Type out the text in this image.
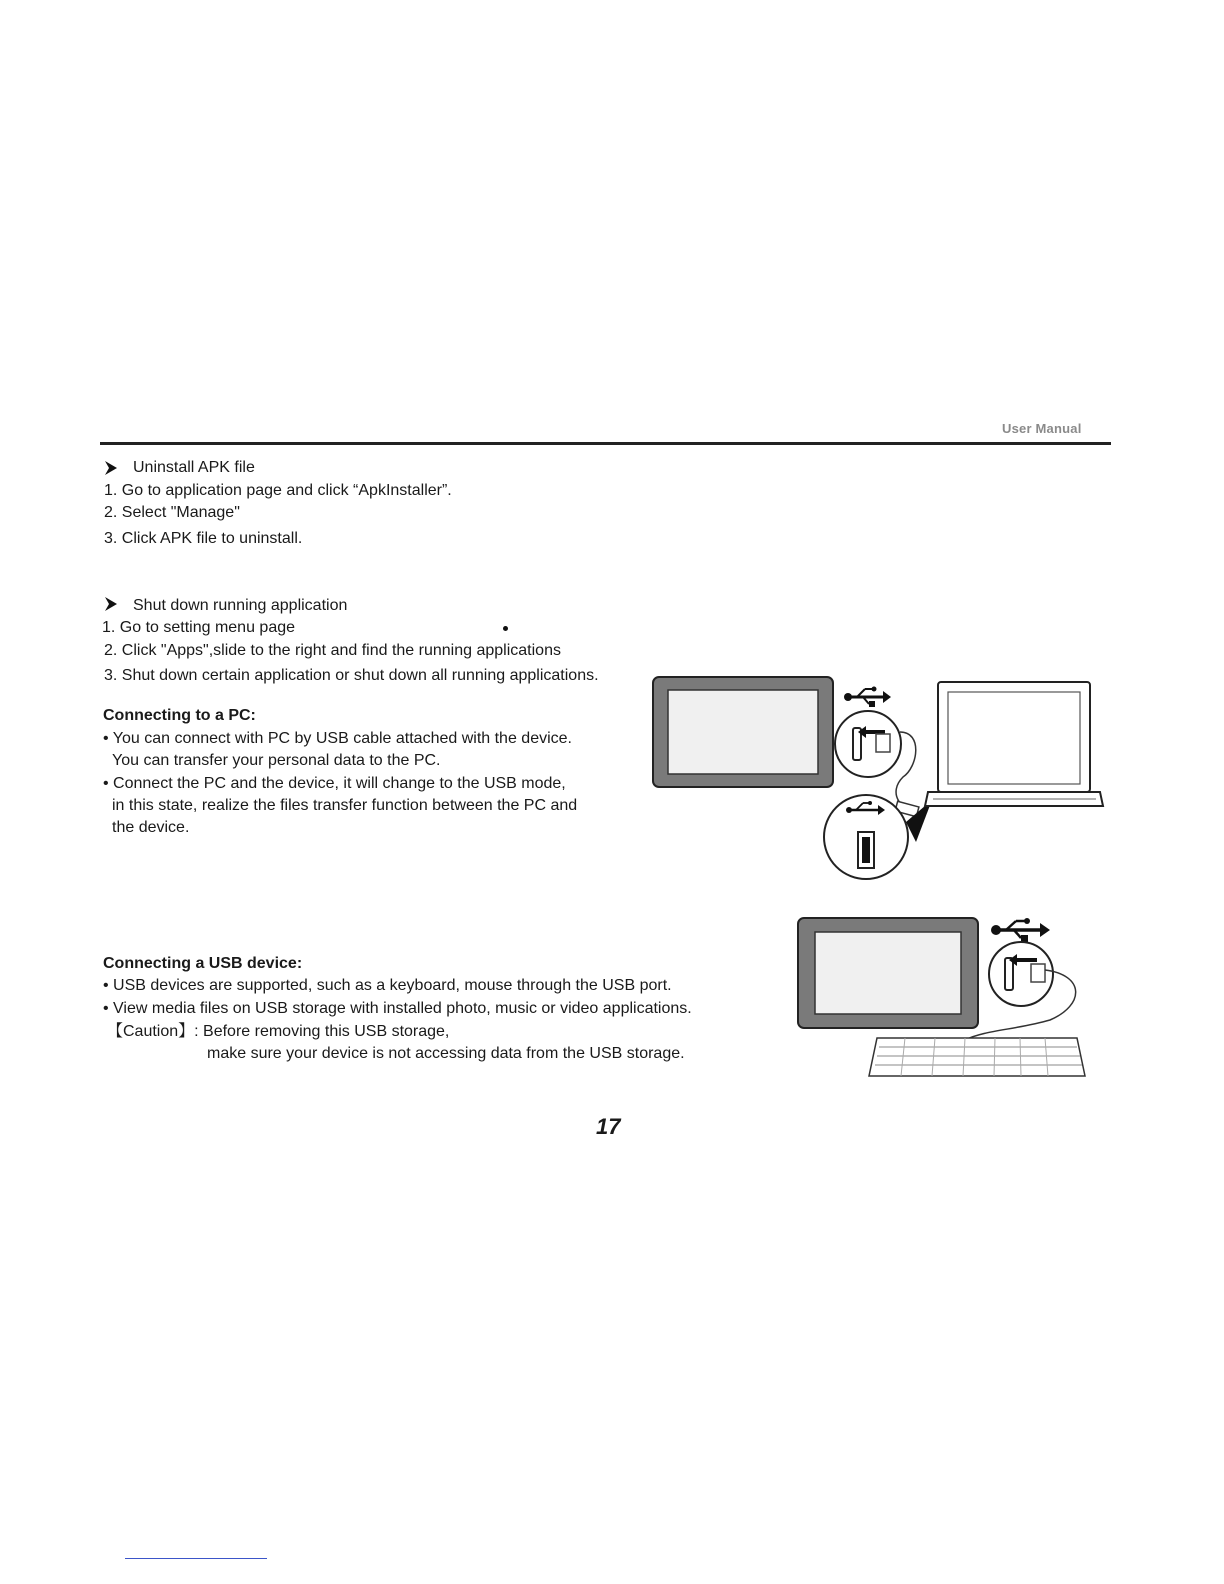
User Manual
Uninstall APK file
1. Go to application page and click “ApkInstaller”.
2. Select "Manage"
3. Click APK file to uninstall.
Shut down running application
1. Go to setting menu page
2. Click "Apps",slide to the right and find the running applications
3. Shut down certain application or shut down all running applications.
Connecting to a PC:
• You can connect with PC by USB cable attached with the device.
You can transfer your personal data to the PC.
• Connect the PC and the device, it will change to the USB mode,
in this state, realize the files transfer function between the PC and
the device.
Connecting a USB device:
• USB devices are supported, such as a keyboard, mouse through the USB port.
• View media files on USB storage with installed photo, music or video applications.
【Caution】: Before removing this USB storage,
make sure your device is not accessing data from the USB storage.
17
